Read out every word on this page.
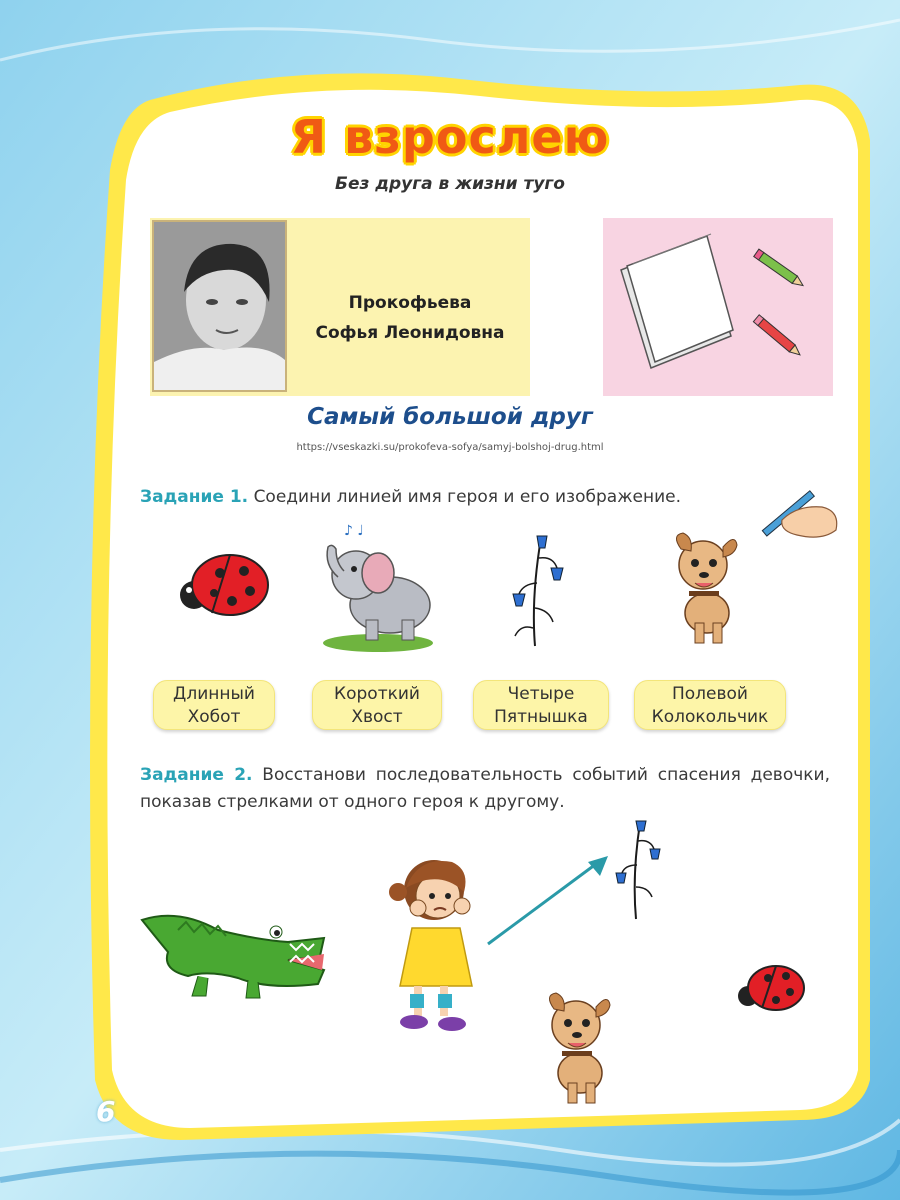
Я взрослею
Без друга в жизни туго
Прокофьева
Софья Леонидовна
Самый большой друг
https://vseskazki.su/prokofeva-sofya/samyj-bolshoj-drug.html
Задание 1. Соедини линией имя героя и его изображение.
♪ ♩
Длинный
Хобот
Короткий
Хвост
Четыре
Пятнышка
Полевой
Колокольчик
Задание 2. Восстанови последовательность событий спасения девочки, показав стрелками от одного героя к другому.
6
